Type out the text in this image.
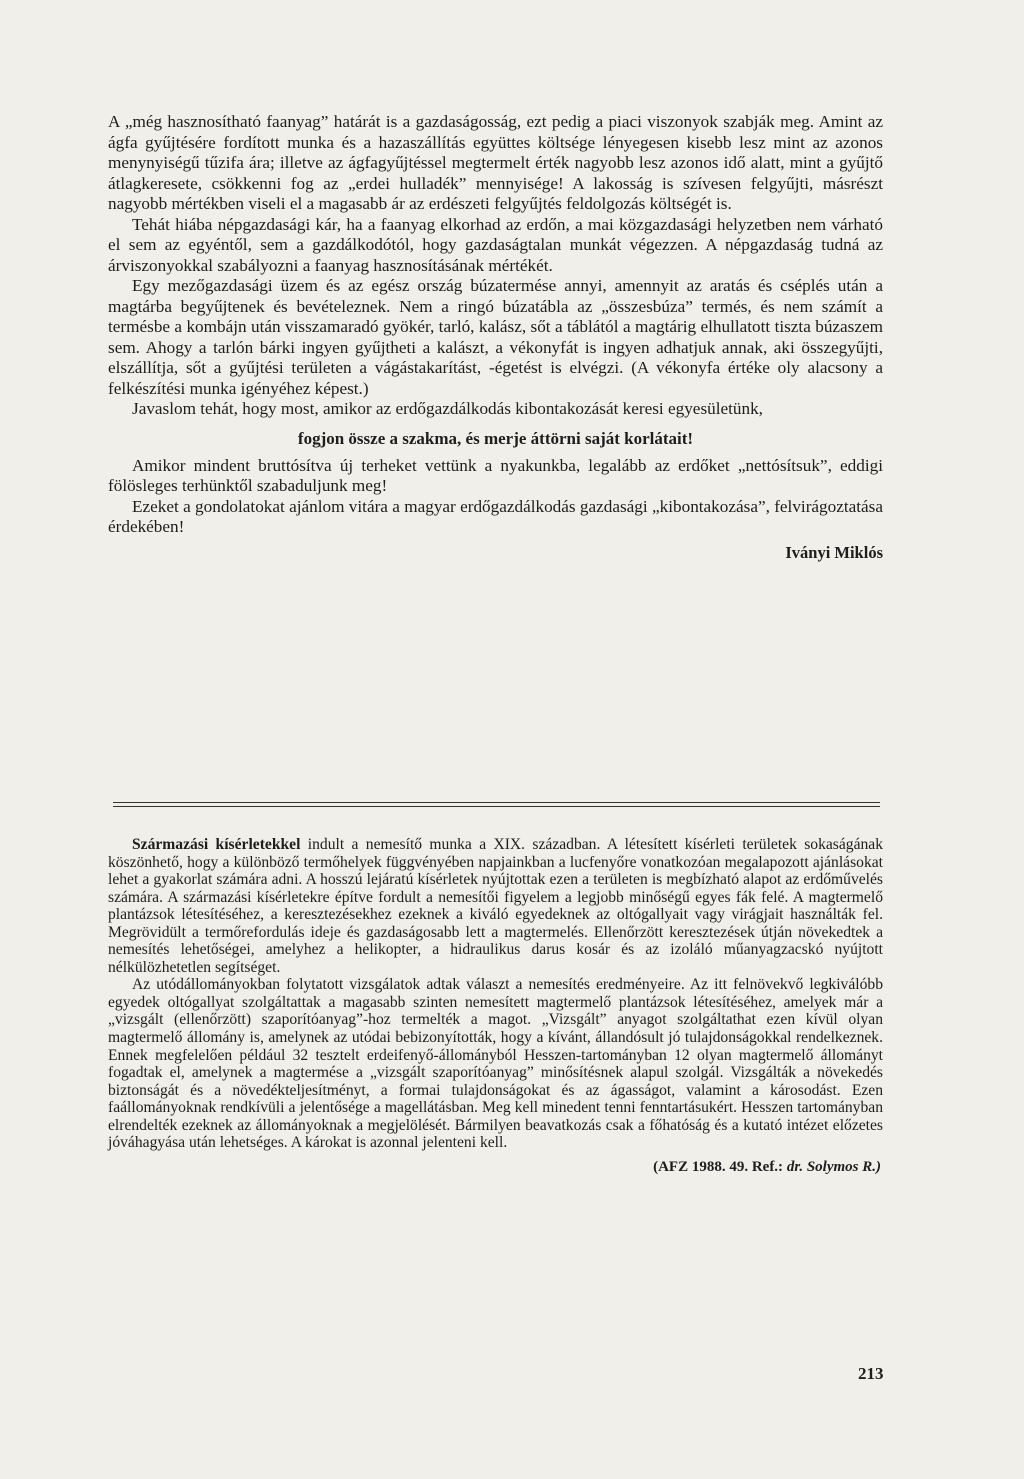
A „még hasznosítható faanyag” határát is a gazdaságosság, ezt pedig a piaci viszonyok szabják meg. Amint az ágfa gyűjtésére fordított munka és a hazaszállítás együttes költsége lényegesen kisebb lesz mint az azonos menynyiségű tűzifa ára; illetve az ágfagyűjtéssel megtermelt érték nagyobb lesz azonos idő alatt, mint a gyűjtő átlagkeresete, csökkenni fog az „erdei hulladék” mennyisége! A lakosság is szívesen felgyűjti, másrészt nagyobb mértékben viseli el a magasabb ár az erdészeti felgyűjtés feldolgozás költségét is.

Tehát hiába népgazdasági kár, ha a faanyag elkorhad az erdőn, a mai közgazdasági helyzetben nem várható el sem az egyéntől, sem a gazdálkodótól, hogy gazdaságtalan munkát végezzen. A népgazdaság tudná az árviszonyokkal szabályozni a faanyag hasznosításának mértékét.

Egy mezőgazdasági üzem és az egész ország búzatermése annyi, amennyit az aratás és cséplés után a magtárba begyűjtenek és bevételeznek. Nem a ringó búzatábla az „összesbúza” termés, és nem számít a termésbe a kombájn után visszamaradó gyökér, tarló, kalász, sőt a táblától a magtárig elhullatott tiszta búzaszem sem. Ahogy a tarlón bárki ingyen gyűjtheti a kalászt, a vékonyfát is ingyen adhatjuk annak, aki összegyűjti, elszállítja, sőt a gyűjtési területen a vágástakarítást, -égetést is elvégzi. (A vékonyfa értéke oly alacsony a felkészítési munka igényéhez képest.)

Javaslom tehát, hogy most, amikor az erdőgazdálkodás kibontakozását keresi egyesületünk,

fogjon össze a szakma, és merje áttörni saját korlátait!

Amikor mindent bruttósítva új terheket vettünk a nyakunkba, legalább az erdőket „nettósítsuk”, eddigi fölösleges terhünktől szabaduljunk meg!

Ezeket a gondolatokat ajánlom vitára a magyar erdőgazdálkodás gazdasági „kibontakozása”, felvirágoztatása érdekében!

Iványi Miklós

Származási kísérletekkel indult a nemesítő munka a XIX. században. A létesített kísérleti területek sokaságának köszönhető, hogy a különböző termőhelyek függvényében napjainkban a lucfenyőre vonatkozóan megalapozott ajánlásokat lehet a gyakorlat számára adni. A hosszú lejáratú kísérletek nyújtottak ezen a területen is megbízható alapot az erdőművelés számára. A származási kísérletekre építve fordult a nemesítői figyelem a legjobb minőségű egyes fák felé. A magtermelő plantázsok létesítéséhez, a keresztezésekhez ezeknek a kiváló egyedeknek az oltógallyait vagy virágjait használták fel. Megrövidült a termőrefordulás ideje és gazdaságosabb lett a magtermelés. Ellenőrzött keresztezések útján növekedtek a nemesítés lehetőségei, amelyhez a helikopter, a hidraulikus darus kosár és az izoláló műanyagzacskó nyújtott nélkülözhetetlen segítséget.

Az utódállományokban folytatott vizsgálatok adtak választ a nemesítés eredményeire. Az itt felnövekvő legkiválóbb egyedek oltógallyat szolgáltattak a magasabb szinten nemesített magtermelő plantázsok létesítéséhez, amelyek már a „vizsgált (ellenőrzött) szaporítóanyag”-hoz termelték a magot. „Vizsgált” anyagot szolgáltathat ezen kívül olyan magtermelő állomány is, amelynek az utódai bebizonyították, hogy a kívánt, állandósult jó tulajdonságokkal rendelkeznek. Ennek megfelelően például 32 tesztelt erdeifenyő-állományból Hesszen-tartományban 12 olyan magtermelő állományt fogadtak el, amelynek a magtermése a „vizsgált szaporítóanyag” minősítésnek alapul szolgál. Vizsgálták a növekedés biztonságát és a növedékteljesítményt, a formai tulajdonságokat és az ágasságot, valamint a károsodást. Ezen faállományoknak rendkívüli a jelentősége a magellátásban. Meg kell minedent tenni fenntartásukért. Hesszen tartományban elrendelték ezeknek az állományoknak a megjelölését. Bármilyen beavatkozás csak a főhatóság és a kutató intézet előzetes jóváhagyása után lehetséges. A károkat is azonnal jelenteni kell.

(AFZ 1988. 49. Ref.: dr. Solymos R.)

213
